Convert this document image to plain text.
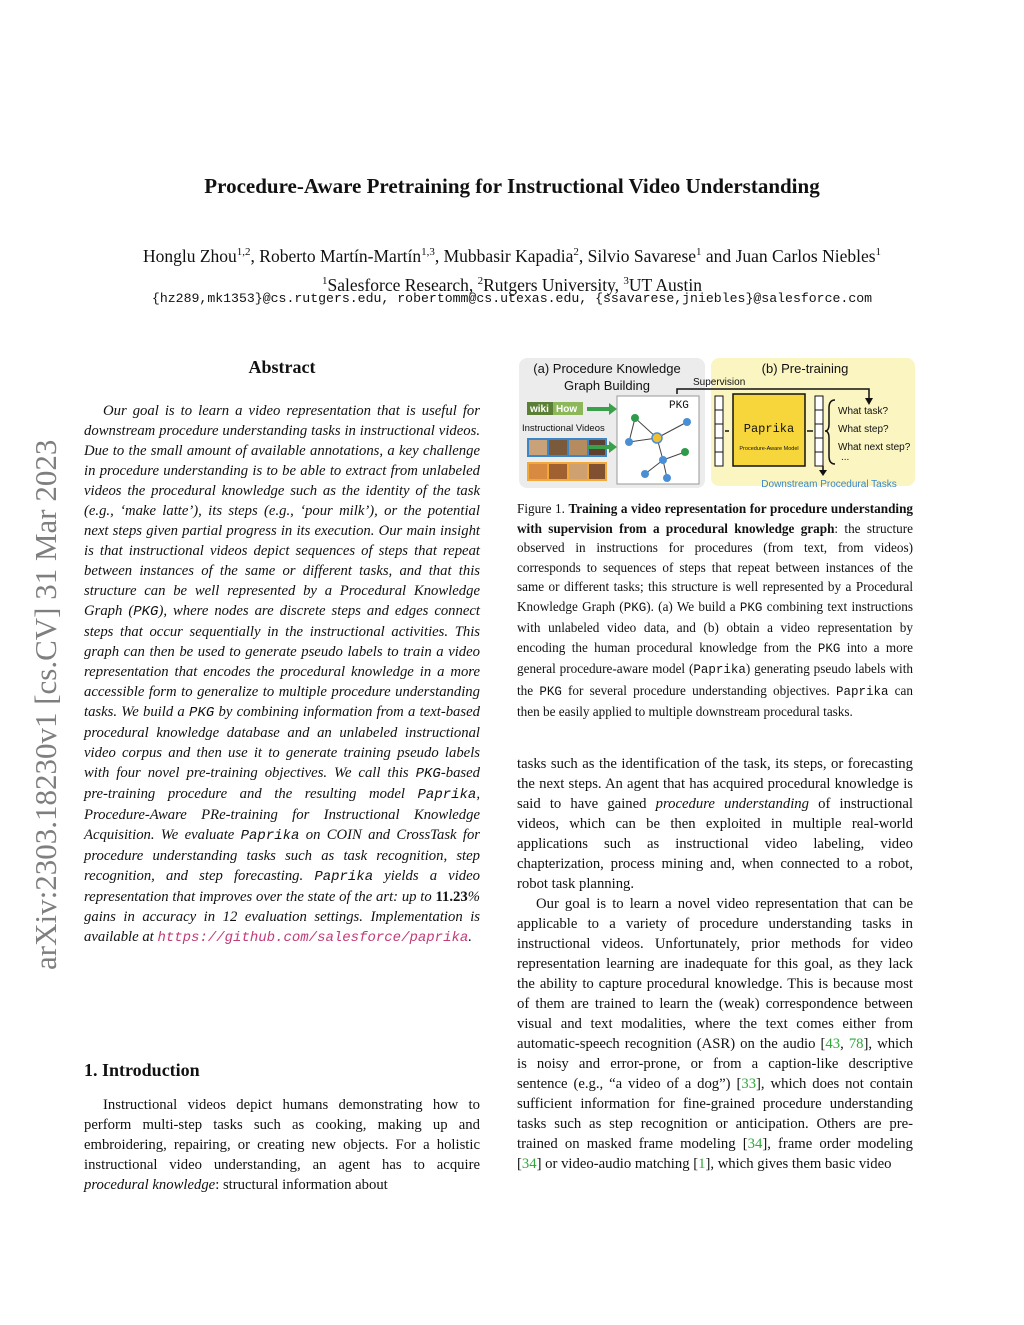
Procedure-Aware Pretraining for Instructional Video Understanding
Honglu Zhou$^{1,2}$, Roberto Martín-Martín$^{1,3}$, Mubbasir Kapadia$^2$, Silvio Savarese$^1$ and Juan Carlos Niebles$^1$
$^1$Salesforce Research, $^2$Rutgers University, $^3$UT Austin
{hz289,mk1353}@cs.rutgers.edu, robertomm@cs.utexas.edu, {ssavarese,jniebles}@salesforce.com
arXiv:2303.18230v1 [cs.CV] 31 Mar 2023
Abstract
Our goal is to learn a video representation that is useful for downstream procedure understanding tasks in instructional videos. Due to the small amount of available annotations, a key challenge in procedure understanding is to be able to extract from unlabeled videos the procedural knowledge such as the identity of the task (e.g., ‘make latte’), its steps (e.g., ‘pour milk’), or the potential next steps given partial progress in its execution. Our main insight is that instructional videos depict sequences of steps that repeat between instances of the same or different tasks, and that this structure can be well represented by a Procedural Knowledge Graph (PKG), where nodes are discrete steps and edges connect steps that occur sequentially in the instructional activities. This graph can then be used to generate pseudo labels to train a video representation that encodes the procedural knowledge in a more accessible form to generalize to multiple procedure understanding tasks. We build a PKG by combining information from a text-based procedural knowledge database and an unlabeled instructional video corpus and then use it to generate training pseudo labels with four novel pre-training objectives. We call this PKG-based pre-training procedure and the resulting model Paprika, Procedure-Aware PRe-training for Instructional Knowledge Acquisition. We evaluate Paprika on COIN and CrossTask for procedure understanding tasks such as task recognition, step recognition, and step forecasting. Paprika yields a video representation that improves over the state of the art: up to 11.23% gains in accuracy in 12 evaluation settings. Implementation is available at https://github.com/salesforce/paprika.
1. Introduction
Instructional videos depict humans demonstrating how to perform multi-step tasks such as cooking, making up and embroidering, repairing, or creating new objects. For a holistic instructional video understanding, an agent has to acquire procedural knowledge: structural information about
(a) Procedure Knowledge
Graph Building
(b) Pre-training
Supervision
wiki How
Instructional Videos
PKG
Paprika
Procedure-Aware Model
What task?
What step?
What next step?
...
Downstream Procedural Tasks
Figure 1. Training a video representation for procedure understanding with supervision from a procedural knowledge graph: the structure observed in instructions for procedures (from text, from videos) corresponds to sequences of steps that repeat between instances of the same or different tasks; this structure is well represented by a Procedural Knowledge Graph (PKG). (a) We build a PKG combining text instructions with unlabeled video data, and (b) obtain a video representation by encoding the human procedural knowledge from the PKG into a more general procedure-aware model (Paprika) generating pseudo labels with the PKG for several procedure understanding objectives. Paprika can then be easily applied to multiple downstream procedural tasks.
tasks such as the identification of the task, its steps, or forecasting the next steps. An agent that has acquired procedural knowledge is said to have gained procedure understanding of instructional videos, which can be then exploited in multiple real-world applications such as instructional video labeling, video chapterization, process mining and, when connected to a robot, robot task planning.
Our goal is to learn a novel video representation that can be applicable to a variety of procedure understanding tasks in instructional videos. Unfortunately, prior methods for video representation learning are inadequate for this goal, as they lack the ability to capture procedural knowledge. This is because most of them are trained to learn the (weak) correspondence between visual and text modalities, where the text comes either from automatic-speech recognition (ASR) on the audio [43, 78], which is noisy and error-prone, or from a caption-like descriptive sentence (e.g., “a video of a dog”) [33], which does not contain sufficient information for fine-grained procedure understanding tasks such as step recognition or anticipation. Others are pre-trained on masked frame modeling [34], frame order modeling [34] or video-audio matching [1], which gives them basic video
